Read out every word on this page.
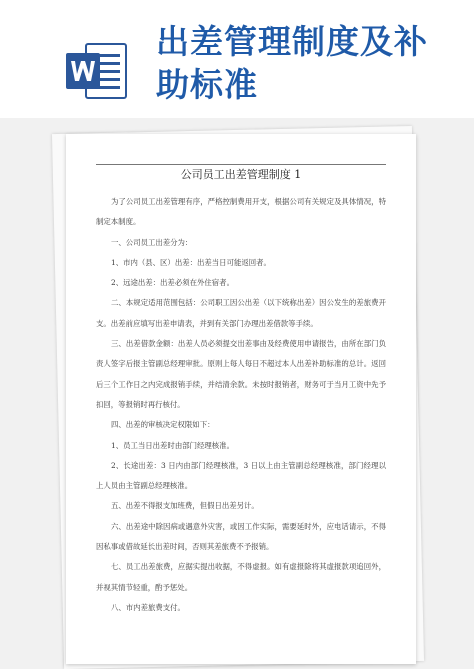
出差管理制度及补助标准
公司员工出差管理制度 1

为了公司员工出差管理有序，严格控制费用开支，根据公司有关规定及具体情况，特制定本制度。

一、公司员工出差分为：

1、市内（县、区）出差：出差当日可能返回者。

2、远途出差：出差必须在外住宿者。

二、本规定适用范围包括：公司职工因公出差（以下统称出差）因公发生的差旅费开支。出差前应填写出差申请表，并到有关部门办理出差借款等手续。

三、出差借款金额：出差人员必须提交出差事由及经费使用申请报告，由所在部门负责人签字后报主管副总经理审批。原则上每人每日不超过本人出差补助标准的总计。返回后三个工作日之内完成报销手续，并结清余款。未按时报销者，财务可于当月工资中先予扣回，等报销时再行核付。

四、出差的审核决定权限如下：

1、员工当日出差时由部门经理核准。

2、长途出差：3 日内由部门经理核准，3 日以上由主管副总经理核准，部门经理以上人员由主管副总经理核准。

五、出差不得报支加班费，但假日出差另计。

六、出差途中除因病或遇意外灾害，或因工作实际，需要延时外，应电话请示，不得因私事或借故延长出差时间，否则其差旅费不予报销。

七、员工出差旅费，应据实提出收据，不得虚报。如有虚报除将其虚报款项追回外，并视其情节轻重，酌予惩处。

八、市内差旅费支付。
